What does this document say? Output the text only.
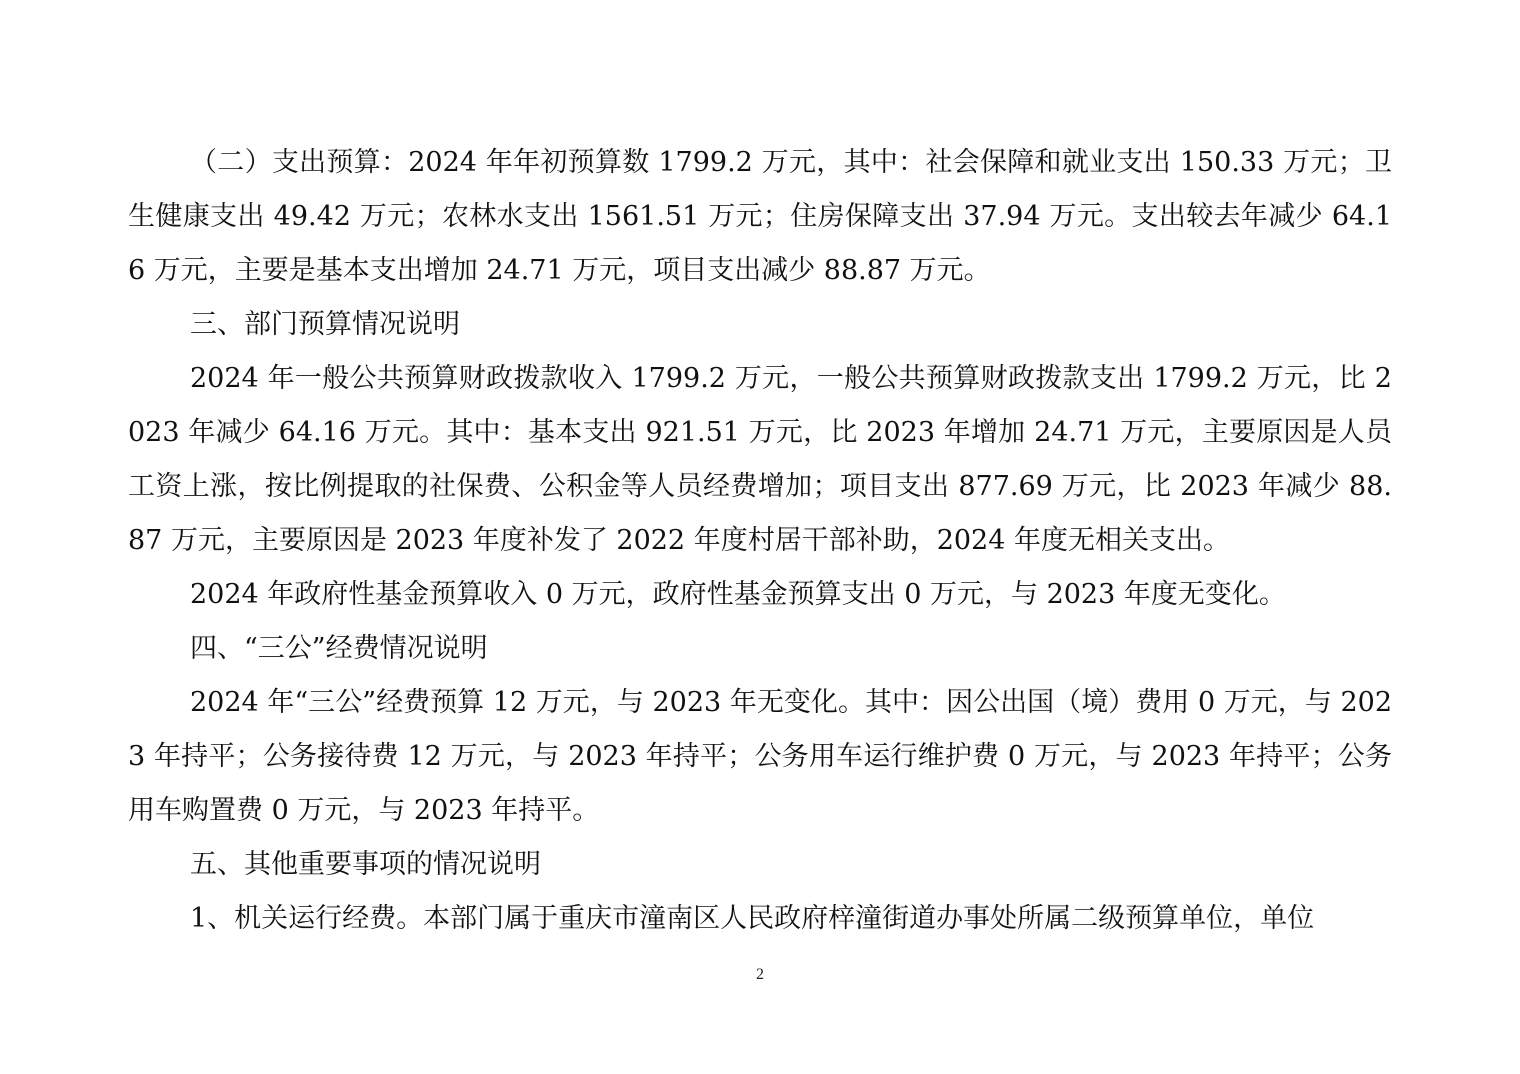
（二）支出预算：2024 年年初预算数 1799.2 万元，其中：社会保障和就业支出 150.33 万元；卫生健康支出 49.42 万元；农林水支出 1561.51 万元；住房保障支出 37.94 万元。支出较去年减少 64.16 万元，主要是基本支出增加 24.71 万元，项目支出减少 88.87 万元。

三、部门预算情况说明

2024 年一般公共预算财政拨款收入 1799.2 万元，一般公共预算财政拨款支出 1799.2 万元，比 2023 年减少 64.16 万元。其中：基本支出 921.51 万元，比 2023 年增加 24.71 万元，主要原因是人员工资上涨，按比例提取的社保费、公积金等人员经费增加；项目支出 877.69 万元，比 2023 年减少 88.87 万元，主要原因是 2023 年度补发了 2022 年度村居干部补助，2024 年度无相关支出。

2024 年政府性基金预算收入 0 万元，政府性基金预算支出 0 万元，与 2023 年度无变化。

四、“三公”经费情况说明

2024 年“三公”经费预算 12 万元，与 2023 年无变化。其中：因公出国（境）费用 0 万元，与 2023 年持平；公务接待费 12 万元，与 2023 年持平；公务用车运行维护费 0 万元，与 2023 年持平；公务用车购置费 0 万元，与 2023 年持平。

五、其他重要事项的情况说明

1、机关运行经费。本部门属于重庆市潼南区人民政府梓潼街道办事处所属二级预算单位，单位

2
